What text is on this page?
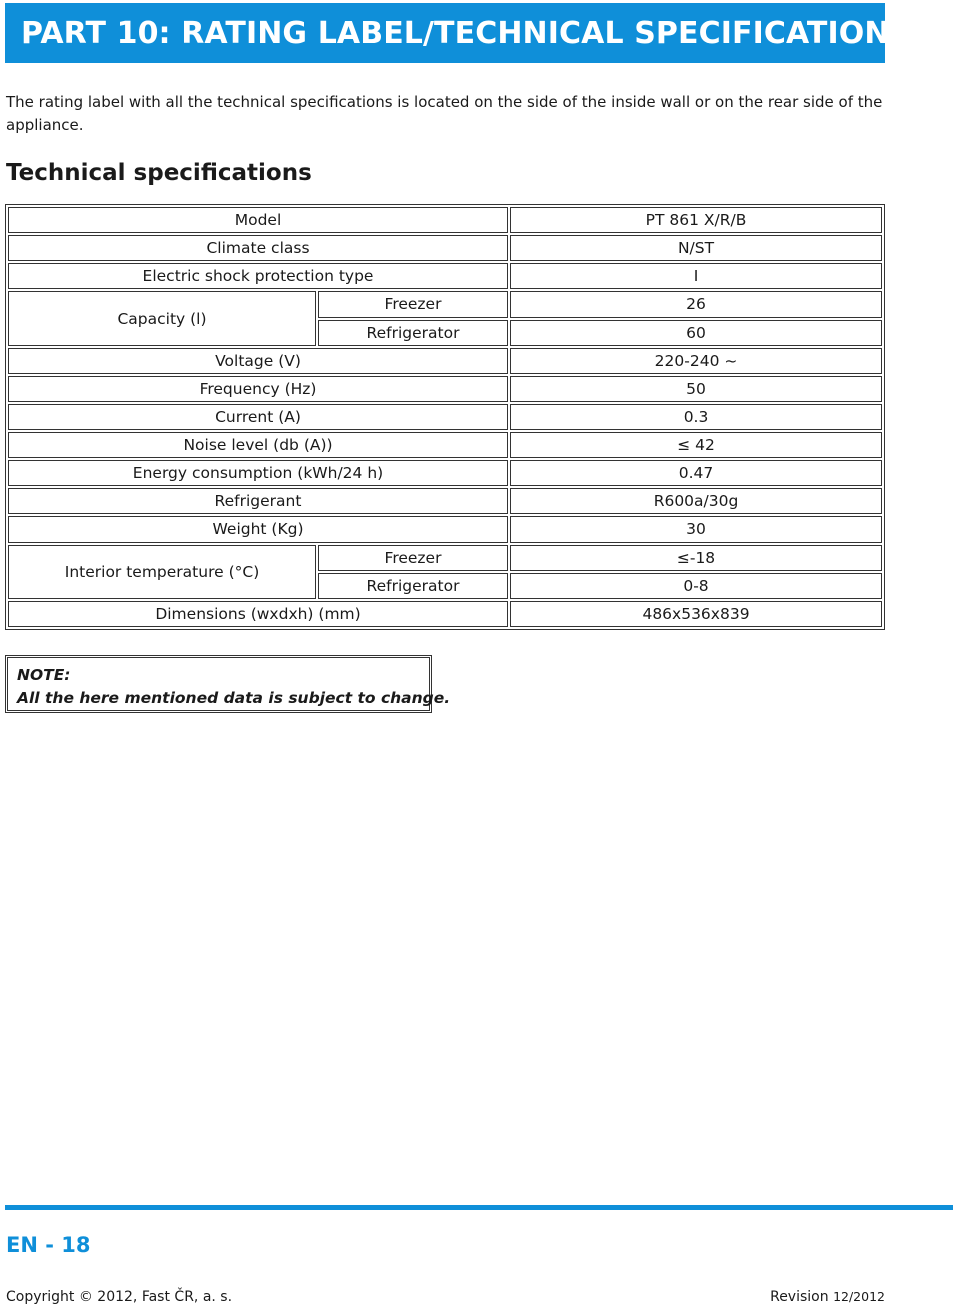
PART 10: RATING LABEL/TECHNICAL SPECIFICATIONS

The rating label with all the technical specifications is located on the side of the inside wall or on the rear side of the appliance.

Technical specifications
Model		PT 861 X/R/B
Climate class		N/ST
Electric shock protection type		I
Capacity (l)	Freezer	26
	Refrigerator	60
Voltage (V)		220-240 ~
Frequency (Hz)		50
Current (A)		0.3
Noise level (db (A))		≤ 42
Energy consumption (kWh/24 h)		0.47
Refrigerant		R600a/30g
Weight (Kg)		30
Interior temperature (°C)	Freezer	≤-18
	Refrigerator	0-8
Dimensions (wxdxh) (mm)		486x536x839
NOTE:
All the here mentioned data is subject to change.
EN - 18
Copyright © 2012, Fast ČR, a. s.	Revision 12/2012
